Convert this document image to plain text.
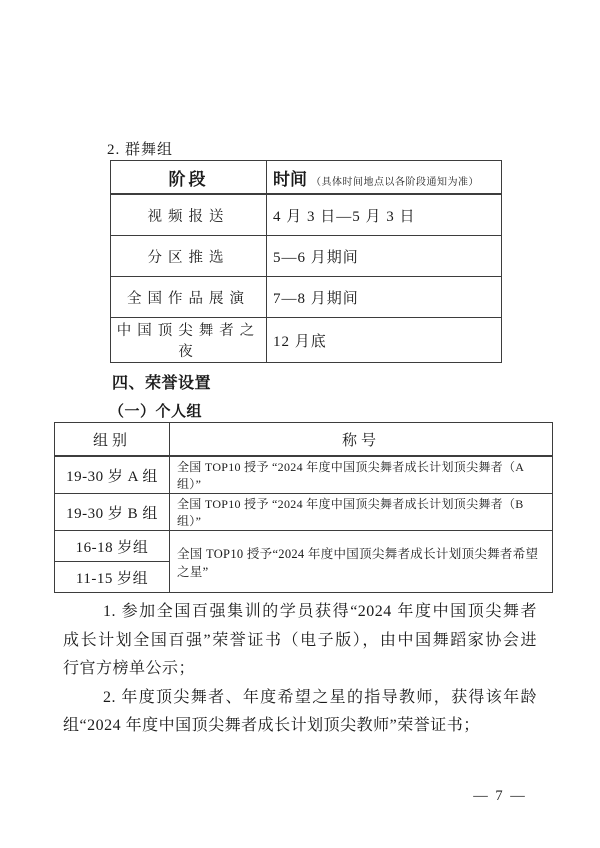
2. 群舞组
阶段	时间 （具体时间地点以各阶段通知为准）
视频报送	4 月 3 日—5 月 3 日
分区推选	5—6 月期间
全国作品展演	7—8 月期间
中国顶尖舞者之夜	12 月底
四、荣誉设置
（一）个人组
组别	称号
19-30 岁 A 组	全国 TOP10 授予 “2024 年度中国顶尖舞者成长计划顶尖舞者（A 组）”
19-30 岁 B 组	全国 TOP10 授予 “2024 年度中国顶尖舞者成长计划顶尖舞者（B 组）”
16-18 岁组	全国 TOP10 授予“2024 年度中国顶尖舞者成长计划顶尖舞者希望之星”
11-15 岁组	
1. 参加全国百强集训的学员获得“2024 年度中国顶尖舞者
成长计划全国百强”荣誉证书（电子版），由中国舞蹈家协会进
行官方榜单公示；
2. 年度顶尖舞者、年度希望之星的指导教师，获得该年龄
组“2024 年度中国顶尖舞者成长计划顶尖教师”荣誉证书；
— 7 —
